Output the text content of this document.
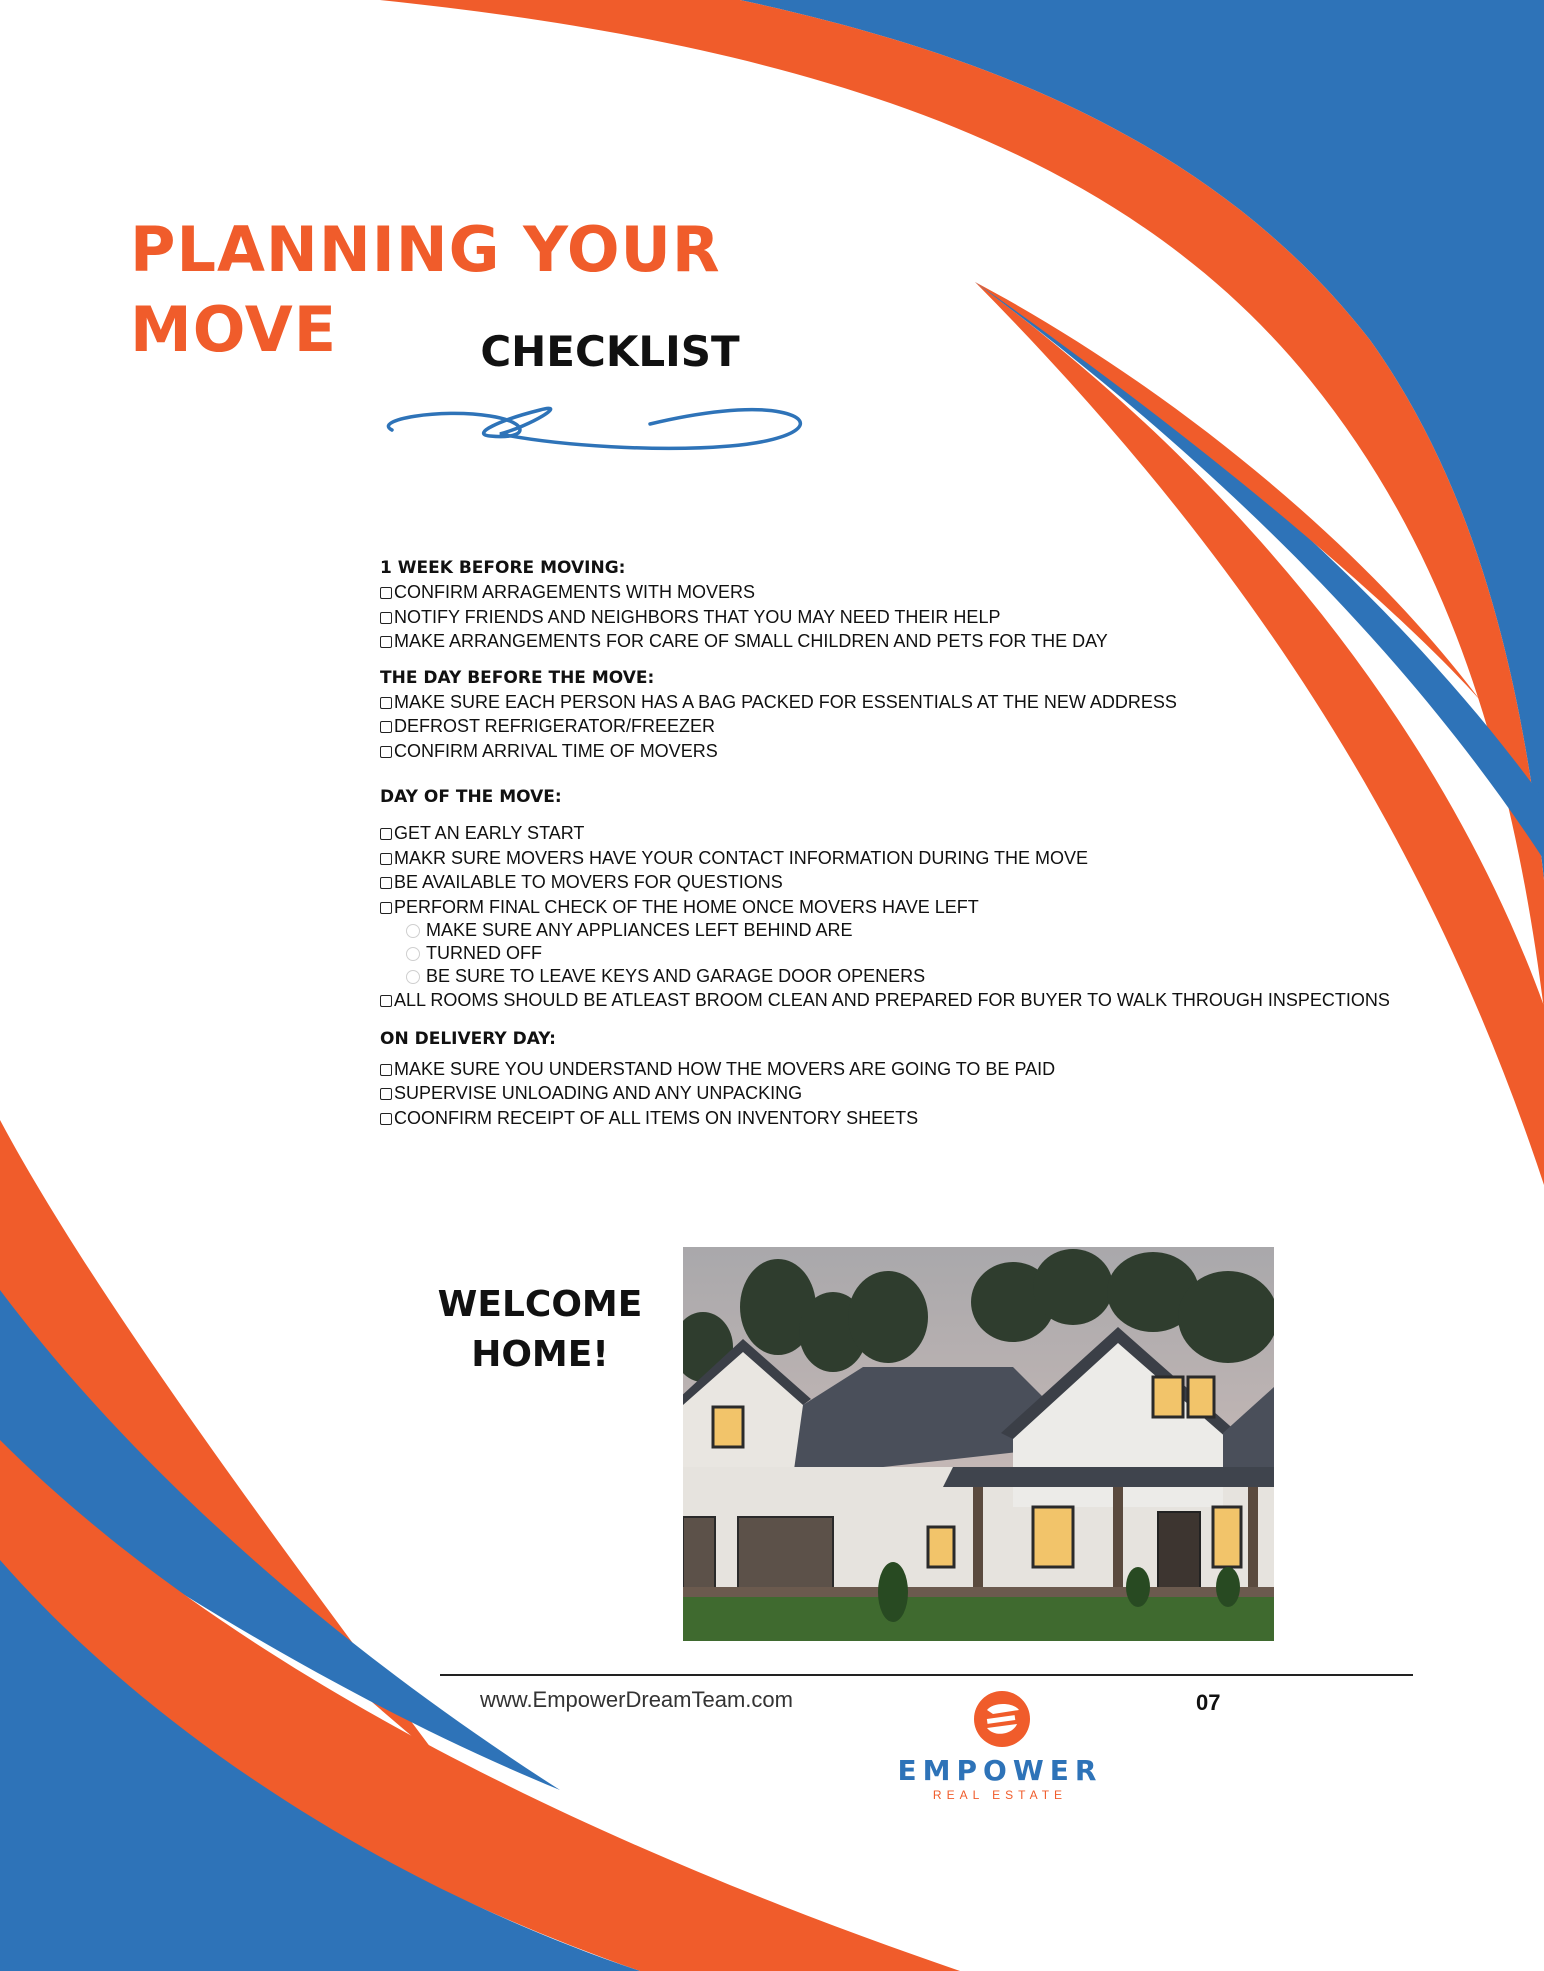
PLANNING YOUR MOVE	CHECKLIST
1 WEEK BEFORE MOVING:
CONFIRM ARRAGEMENTS WITH MOVERS
NOTIFY FRIENDS AND NEIGHBORS THAT YOU MAY NEED THEIR HELP
MAKE ARRANGEMENTS FOR CARE OF SMALL CHILDREN AND PETS FOR THE DAY
THE DAY BEFORE THE MOVE:
MAKE SURE EACH PERSON HAS A BAG PACKED FOR ESSENTIALS AT THE NEW ADDRESS
DEFROST REFRIGERATOR/FREEZER
CONFIRM ARRIVAL TIME OF MOVERS
DAY OF THE MOVE:
GET AN EARLY START
MAKR SURE MOVERS HAVE YOUR CONTACT INFORMATION DURING THE MOVE
BE AVAILABLE TO MOVERS FOR QUESTIONS
PERFORM FINAL CHECK OF THE HOME ONCE MOVERS HAVE LEFT
MAKE SURE ANY APPLIANCES LEFT BEHIND ARE
TURNED OFF
BE SURE TO LEAVE KEYS AND GARAGE DOOR OPENERS
ALL ROOMS SHOULD BE ATLEAST BROOM CLEAN AND PREPARED FOR BUYER TO WALK THROUGH INSPECTIONS
ON DELIVERY DAY:
MAKE SURE YOU UNDERSTAND HOW THE MOVERS ARE GOING TO BE PAID
SUPERVISE UNLOADING AND ANY UNPACKING
COONFIRM RECEIPT OF ALL ITEMS ON INVENTORY SHEETS
WELCOME
HOME!
www.EmpowerDreamTeam.com	07
EMPOWER
REAL ESTATE
